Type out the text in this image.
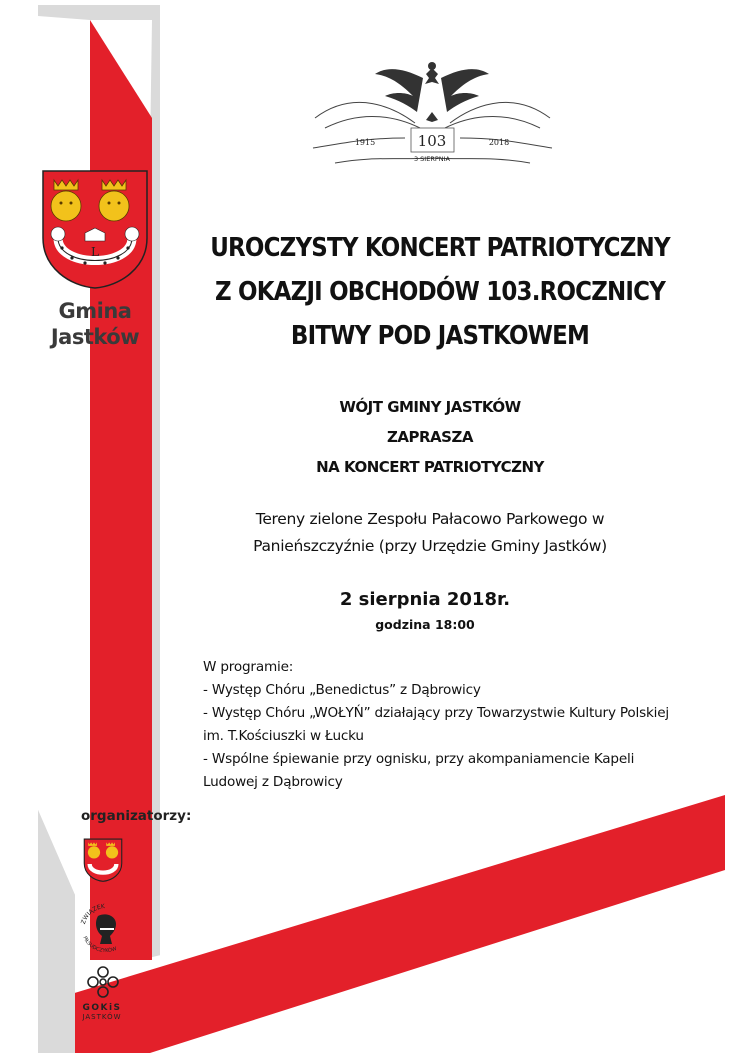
103
1915	2018
3 SIERPNIA
L
Gmina
Jastków
UROCZYSTY KONCERT PATRIOTYCZNY
Z OKAZJI OBCHODÓW 103.ROCZNICY
BITWY POD JASTKOWEM
WÓJT GMINY JASTKÓW
ZAPRASZA
NA KONCERT PATRIOTYCZNY
Tereny zielone Zespołu Pałacowo Parkowego w
Panieńszczyźnie (przy Urzędzie Gminy Jastków)
2 sierpnia 2018r.
godzina 18:00
W programie:
- Występ Chóru „Benedictus” z Dąbrowicy
- Występ Chóru „WOŁYŃ” działający przy Towarzystwie Kultury Polskiej
im. T.Kościuszki w Łucku
- Wspólne śpiewanie przy ognisku, przy akompaniamencie Kapeli
Ludowej z Dąbrowicy
organizatorzy:
ZWIĄZEK
PIŁSUDCZYKÓW
GOKiS
JASTKÓW
